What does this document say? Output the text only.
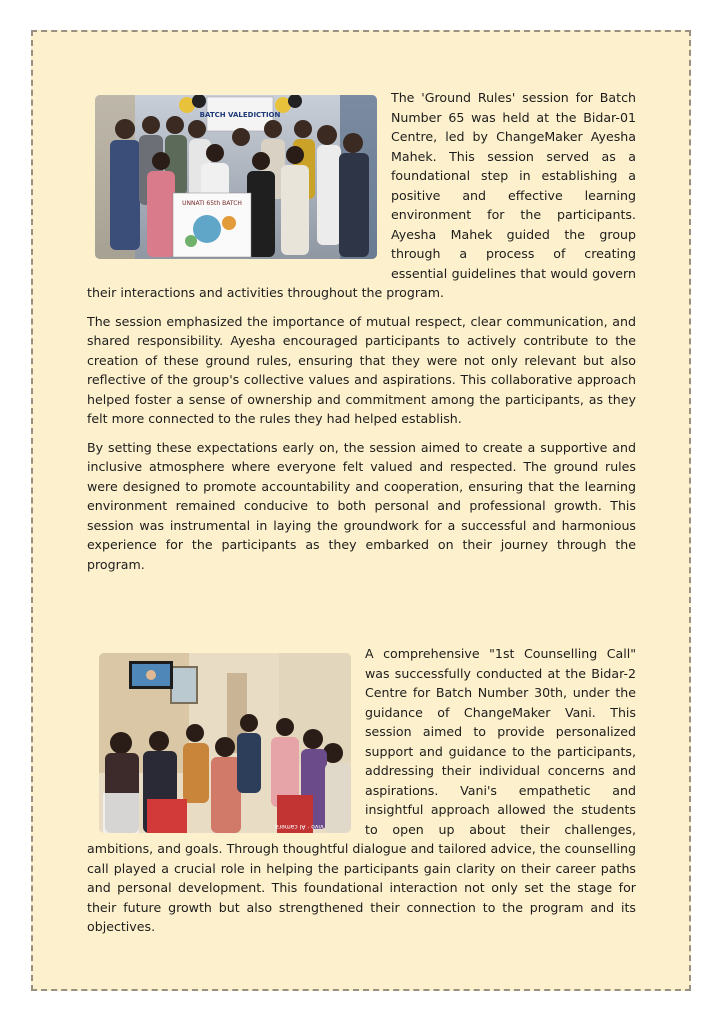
BATCH VALEDICTION
UNNATI 65th BATCH

The 'Ground Rules' session for Batch Number 65 was held at the Bidar-01 Centre, led by ChangeMaker Ayesha Mahek. This session served as a foundational step in establishing a positive and effective learning environment for the participants. Ayesha Mahek guided the group through a process of creating essential guidelines that would govern their interactions and activities throughout the program.

The session emphasized the importance of mutual respect, clear communication, and shared responsibility. Ayesha encouraged participants to actively contribute to the creation of these ground rules, ensuring that they were not only relevant but also reflective of the group's collective values and aspirations. This collaborative approach helped foster a sense of ownership and commitment among the participants, as they felt more connected to the rules they had helped establish.

By setting these expectations early on, the session aimed to create a supportive and inclusive atmosphere where everyone felt valued and respected. The ground rules were designed to promote accountability and cooperation, ensuring that the learning environment remained conducive to both personal and professional growth. This session was instrumental in laying the groundwork for a successful and harmonious experience for the participants as they embarked on their journey through the program.

vivo · AI camera

A comprehensive "1st Counselling Call" was successfully conducted at the Bidar-2 Centre for Batch Number 30th, under the guidance of ChangeMaker Vani. This session aimed to provide personalized support and guidance to the participants, addressing their individual concerns and aspirations. Vani's empathetic and insightful approach allowed the students to open up about their challenges, ambitions, and goals. Through thoughtful dialogue and tailored advice, the counselling call played a crucial role in helping the participants gain clarity on their career paths and personal development. This foundational interaction not only set the stage for their future growth but also strengthened their connection to the program and its objectives.
